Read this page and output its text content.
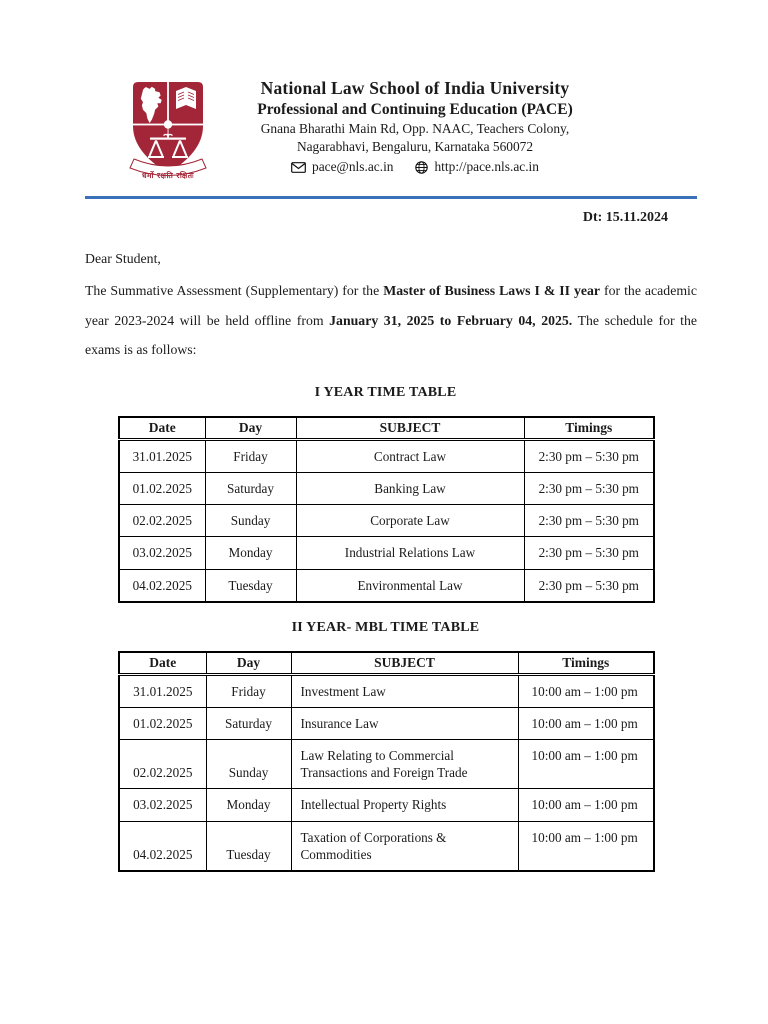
धर्मो रक्षति रक्षितः
National Law School of India University
Professional and Continuing Education (PACE)
Gnana Bharathi Main Rd, Opp. NAAC, Teachers Colony,
Nagarabhavi, Bengaluru, Karnataka 560072
pace@nls.ac.in	http://pace.nls.ac.in
Dt: 15.11.2024
Dear Student,

The Summative Assessment (Supplementary) for the Master of Business Laws I & II year for the academic year 2023-2024 will be held offline from January 31, 2025 to February 04, 2025. The schedule for the exams is as follows:

I YEAR TIME TABLE
Date	Day	SUBJECT	Timings
31.01.2025	Friday	Contract Law	2:30 pm – 5:30 pm
01.02.2025	Saturday	Banking Law	2:30 pm – 5:30 pm
02.02.2025	Sunday	Corporate Law	2:30 pm – 5:30 pm
03.02.2025	Monday	Industrial Relations Law	2:30 pm – 5:30 pm
04.02.2025	Tuesday	Environmental Law	2:30 pm – 5:30 pm
II YEAR- MBL TIME TABLE
Date	Day	SUBJECT	Timings
31.01.2025	Friday	Investment Law	10:00 am – 1:00 pm
01.02.2025	Saturday	Insurance Law	10:00 am – 1:00 pm
02.02.2025	Sunday	Law Relating to Commercial Transactions and Foreign Trade	10:00 am – 1:00 pm
03.02.2025	Monday	Intellectual Property Rights	10:00 am – 1:00 pm
04.02.2025	Tuesday	Taxation of Corporations & Commodities	10:00 am – 1:00 pm
